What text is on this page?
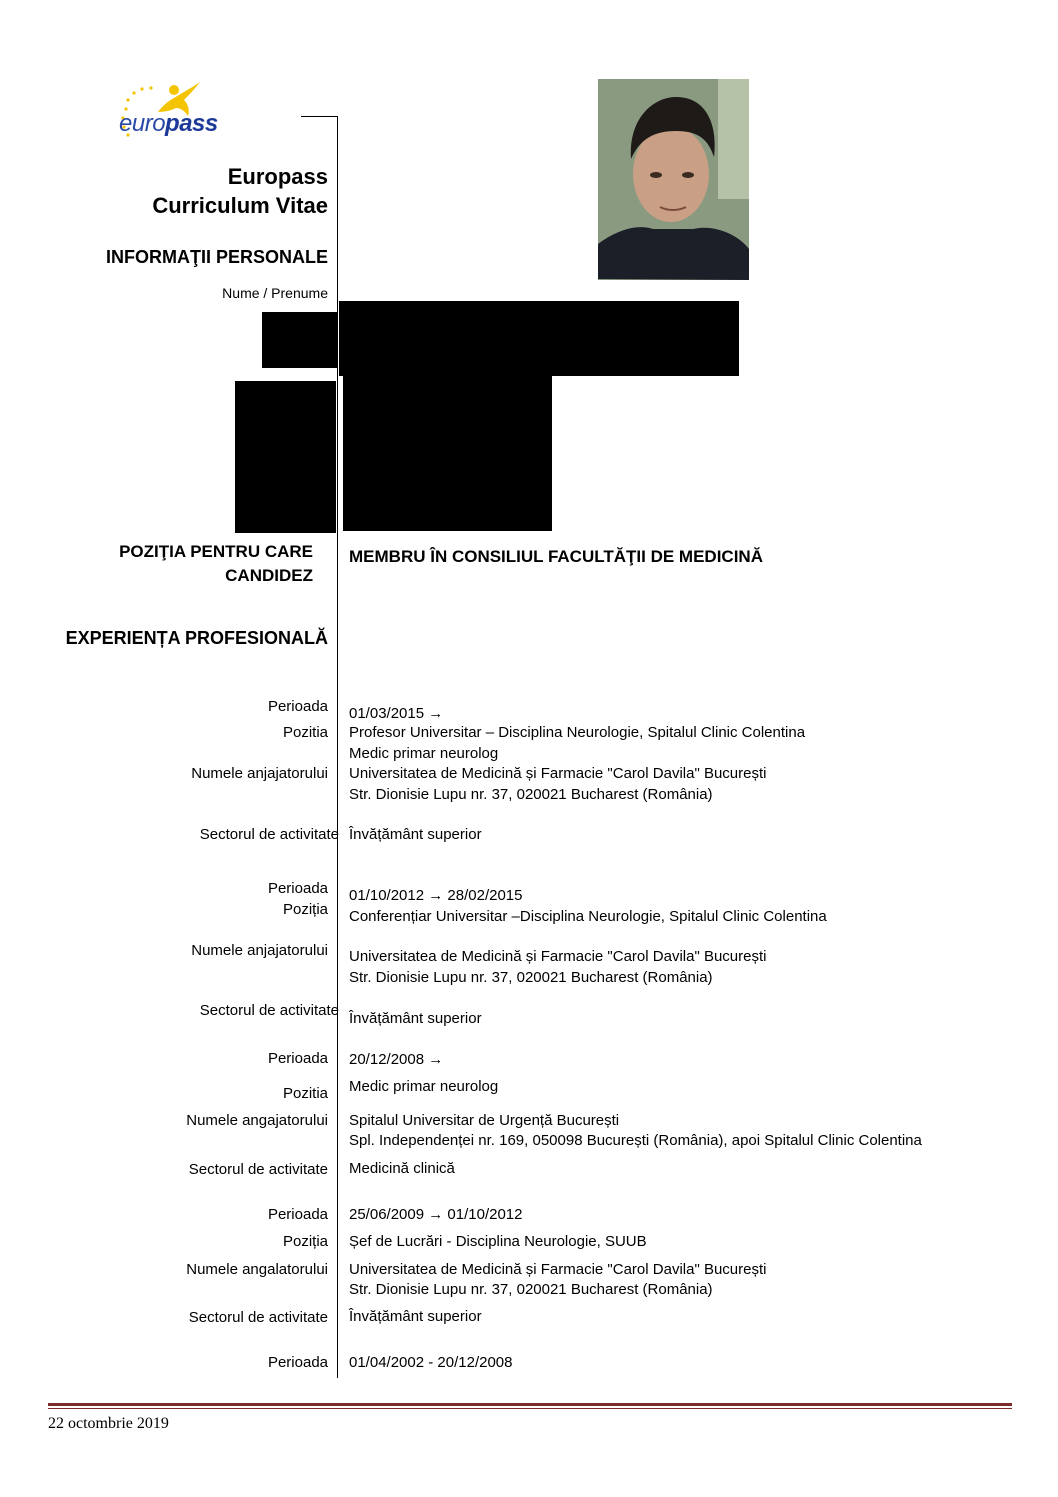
europass
Europass
Curriculum Vitae
INFORMAŢII PERSONALE
Nume / Prenume
POZIŢIA PENTRU CARE
CANDIDEZ
MEMBRU ÎN CONSILIUL FACULTĂŢII DE MEDICINĂ
EXPERIENȚA PROFESIONALĂ
Perioada 01/03/2015 →
Pozitia Profesor Universitar – Disciplina Neurologie, Spitalul Clinic Colentina
Medic primar neurolog
Numele anjajatorului Universitatea de Medicină și Farmacie "Carol Davila" București
Str. Dionisie Lupu nr. 37, 020021 Bucharest (România)
Sectorul de activitate Învățământ superior
Perioada 01/10/2012 → 28/02/2015
Poziția Conferențiar Universitar –Disciplina Neurologie, Spitalul Clinic Colentina
Numele anjajatorului Universitatea de Medicină și Farmacie "Carol Davila" București
Str. Dionisie Lupu nr. 37, 020021 Bucharest (România)
Sectorul de activitate Învățământ superior
Perioada 20/12/2008 →
Pozitia Medic primar neurolog
Numele angajatorului Spitalul Universitar de Urgență București
Spl. Independenței nr. 169, 050098 București (România), apoi Spitalul Clinic Colentina
Sectorul de activitate Medicină clinică
Perioada 25/06/2009 → 01/10/2012
Poziția Șef de Lucrări - Disciplina Neurologie, SUUB
Numele angalatorului Universitatea de Medicină și Farmacie "Carol Davila" București
Str. Dionisie Lupu nr. 37, 020021 Bucharest (România)
Sectorul de activitate Învățământ superior
Perioada 01/04/2002 - 20/12/2008
22 octombrie 2019
